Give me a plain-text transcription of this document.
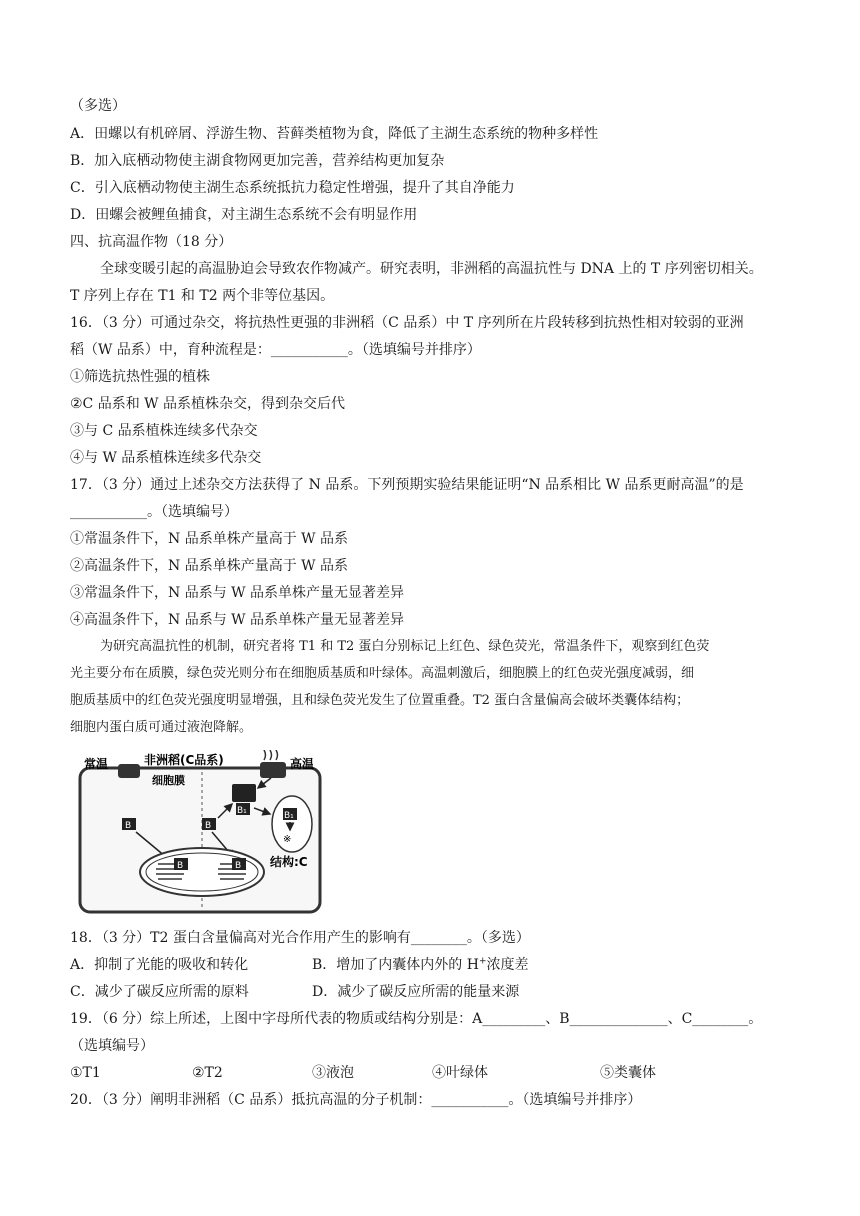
（多选）
A．田螺以有机碎屑、浮游生物、苔藓类植物为食，降低了主湖生态系统的物种多样性
B．加入底栖动物使主湖食物网更加完善，营养结构更加复杂
C．引入底栖动物使主湖生态系统抵抗力稳定性增强，提升了其自净能力
D．田螺会被鲤鱼捕食，对主湖生态系统不会有明显作用
四、抗高温作物（18 分）
全球变暖引起的高温胁迫会导致农作物减产。研究表明，非洲稻的高温抗性与 DNA 上的 T 序列密切相关。
T 序列上存在 T1 和 T2 两个非等位基因。
16．（3 分）可通过杂交，将抗热性更强的非洲稻（C 品系）中 T 序列所在片段转移到抗热性相对较弱的亚洲
稻（W 品系）中，育种流程是：___________。（选填编号并排序）
①筛选抗热性强的植株
②C 品系和 W 品系植株杂交，得到杂交后代
③与 C 品系植株连续多代杂交
④与 W 品系植株连续多代杂交
17．（3 分）通过上述杂交方法获得了 N 品系。下列预期实验结果能证明“N 品系相比 W 品系更耐高温”的是
___________。（选填编号）
①常温条件下，N 品系单株产量高于 W 品系
②高温条件下，N 品系单株产量高于 W 品系
③常温条件下，N 品系与 W 品系单株产量无显著差异
④高温条件下，N 品系与 W 品系单株产量无显著差异
为研究高温抗性的机制，研究者将 T1 和 T2 蛋白分别标记上红色、绿色荧光，常温条件下，观察到红色荧
光主要分布在质膜，绿色荧光则分布在细胞质基质和叶绿体。高温刺激后，细胞膜上的红色荧光强度减弱，细
胞质基质中的红色荧光强度明显增强，且和绿色荧光发生了位置重叠。T2 蛋白含量偏高会破坏类囊体结构；
细胞内蛋白质可通过液泡降解。
常温	非洲稻(C品系)	高温
细胞膜
B₁	B₁
※
结构:C
B	B
B	B
18．（3 分）T2 蛋白含量偏高对光合作用产生的影响有________。（多选）
A．抑制了光能的吸收和转化	B．增加了内囊体内外的 H+浓度差
C．减少了碳反应所需的原料	D．减少了碳反应所需的能量来源
19．（6 分）综上所述，上图中字母所代表的物质或结构分别是：A_________、B______________、C________。
（选填编号）
①T1	②T2	③液泡	④叶绿体	⑤类囊体
20．（3 分）阐明非洲稻（C 品系）抵抗高温的分子机制：___________。（选填编号并排序）
